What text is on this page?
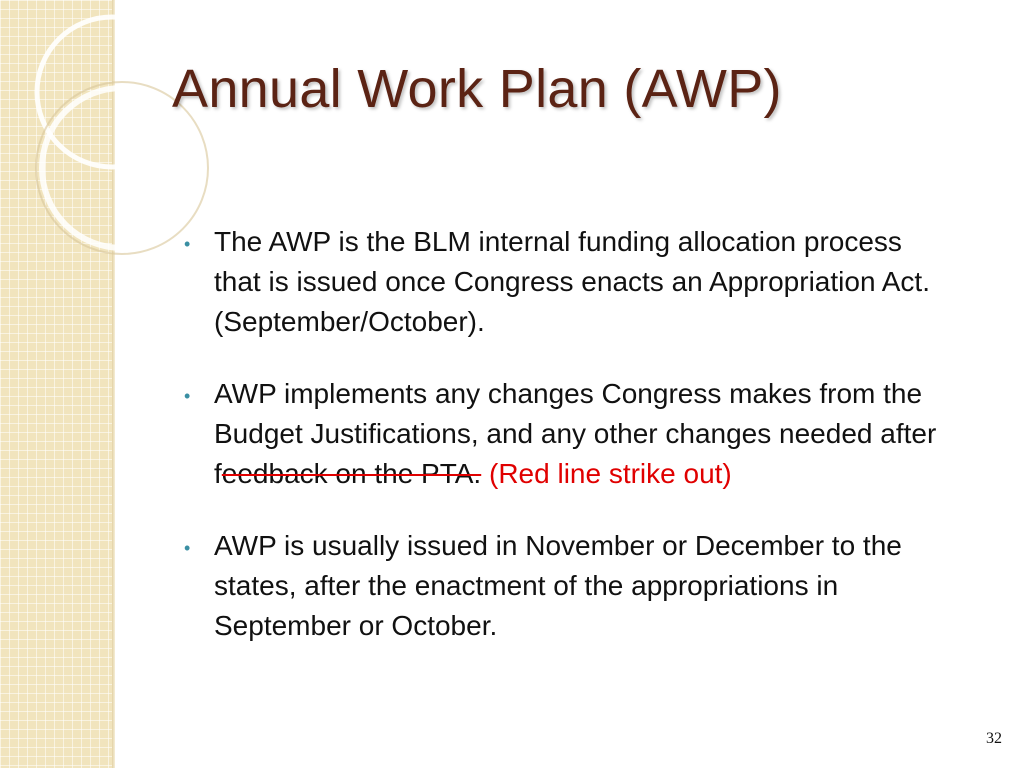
Annual Work Plan (AWP)
• The AWP is the BLM internal funding allocation process that is issued once Congress enacts an Appropriation Act. (September/October).
• AWP implements any changes Congress makes from the Budget Justifications, and any other changes needed after feedback on the PTA. (Red line strike out)
• AWP is usually issued in November or December to the states, after the enactment of the appropriations in September or October.
32
